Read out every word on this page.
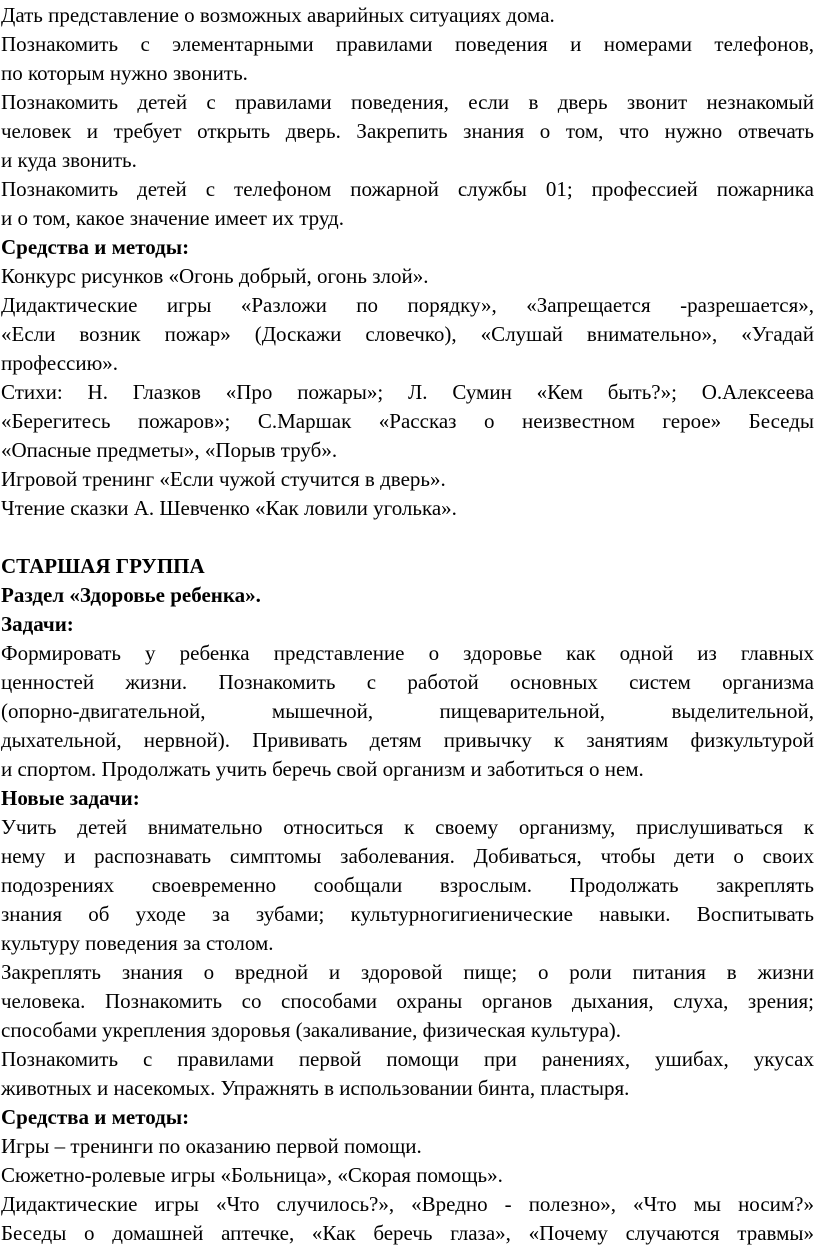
Дать представление о возможных аварийных ситуациях дома.

Познакомить с элементарными правилами поведения и номерами телефонов,

по которым нужно звонить.

Познакомить детей с правилами поведения, если в дверь звонит незнакомый

человек и требует открыть дверь. Закрепить знания о том, что нужно отвечать

и куда звонить.

Познакомить детей с телефоном пожарной службы 01; профессией пожарника

и о том, какое значение имеет их труд.

Средства и методы:

Конкурс рисунков «Огонь добрый, огонь злой».

Дидактические игры «Разложи по порядку», «Запрещается -разрешается»,

«Если возник пожар» (Доскажи словечко), «Слушай внимательно», «Угадай

профессию».

Стихи: Н. Глазков «Про пожары»; Л. Сумин «Кем быть?»; О.Алексеева

«Берегитесь пожаров»; С.Маршак «Рассказ о неизвестном герое» Беседы

«Опасные предметы», «Порыв труб».

Игровой тренинг «Если чужой стучится в дверь».

Чтение сказки А. Шевченко «Как ловили уголька».

СТАРШАЯ ГРУППА

Раздел «Здоровье ребенка».

Задачи:

Формировать у ребенка представление о здоровье как одной из главных

ценностей жизни. Познакомить с работой основных систем организма

(опорно-двигательной, мышечной, пищеварительной, выделительной,

дыхательной, нервной). Прививать детям привычку к занятиям физкультурой

и спортом. Продолжать учить беречь свой организм и заботиться о нем.

Новые задачи:

Учить детей внимательно относиться к своему организму, прислушиваться к

нему и распознавать симптомы заболевания. Добиваться, чтобы дети о своих

подозрениях своевременно сообщали взрослым. Продолжать закреплять

знания об уходе за зубами; культурногигиенические навыки. Воспитывать

культуру поведения за столом.

Закреплять знания о вредной и здоровой пище; о роли питания в жизни

человека. Познакомить со способами охраны органов дыхания, слуха, зрения;

способами укрепления здоровья (закаливание, физическая культура).

Познакомить с правилами первой помощи при ранениях, ушибах, укусах

животных и насекомых. Упражнять в использовании бинта, пластыря.

Средства и методы:

Игры – тренинги по оказанию первой помощи.

Сюжетно-ролевые игры «Больница», «Скорая помощь».

Дидактические игры «Что случилось?», «Вредно - полезно», «Что мы носим?»

Беседы о домашней аптечке, «Как беречь глаза», «Почему случаются травмы»
